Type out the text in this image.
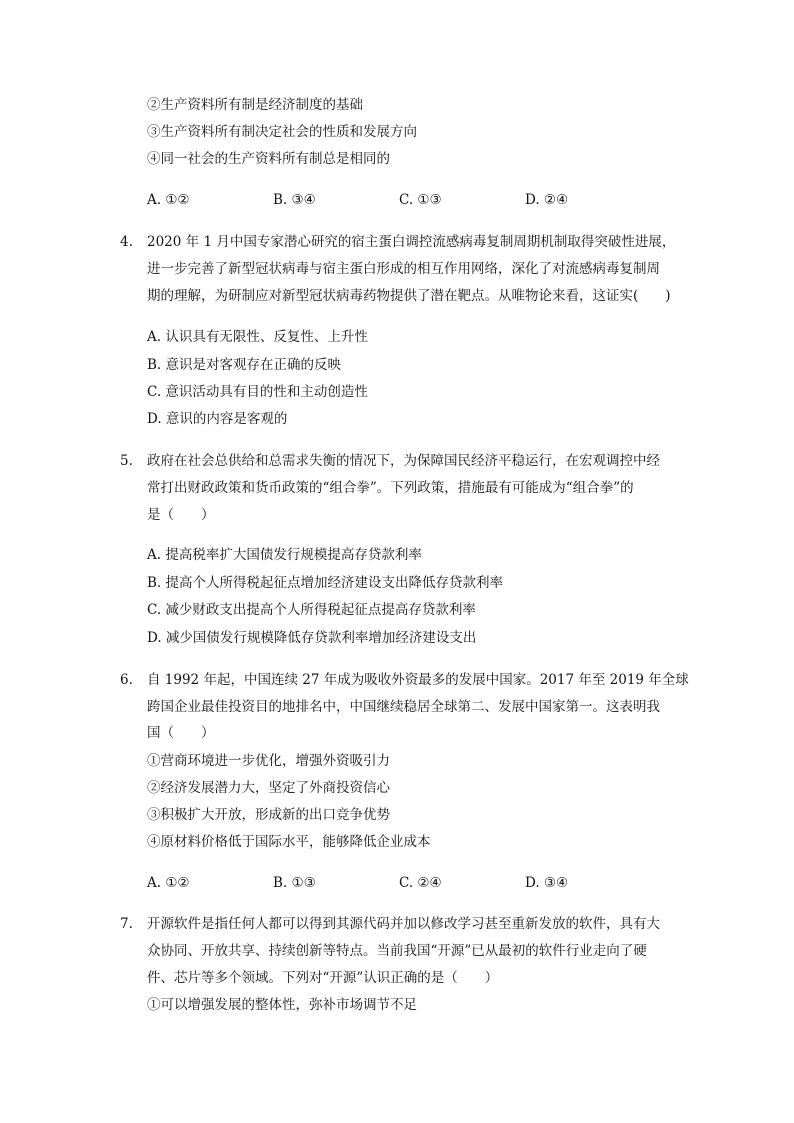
②生产资料所有制是经济制度的基础
③生产资料所有制决定社会的性质和发展方向
④同一社会的生产资料所有制总是相同的
A. ①②	B. ③④	C. ①③	D. ②④
4. 2020 年 1 月中国专家潜心研究的宿主蛋白调控流感病毒复制周期机制取得突破性进展，
进一步完善了新型冠状病毒与宿主蛋白形成的相互作用网络，深化了对流感病毒复制周
期的理解，为研制应对新型冠状病毒药物提供了潜在靶点。从唯物论来看，这证实(　　)
A. 认识具有无限性、反复性、上升性
B. 意识是对客观存在正确的反映
C. 意识活动具有目的性和主动创造性
D. 意识的内容是客观的
5. 政府在社会总供给和总需求失衡的情况下，为保障国民经济平稳运行，在宏观调控中经
常打出财政政策和货币政策的“组合拳”。下列政策，措施最有可能成为“组合拳”的
是（　　）
A. 提高税率扩大国债发行规模提高存贷款利率
B. 提高个人所得税起征点增加经济建设支出降低存贷款利率
C. 减少财政支出提高个人所得税起征点提高存贷款利率
D. 减少国债发行规模降低存贷款利率增加经济建设支出
6. 自 1992 年起，中国连续 27 年成为吸收外资最多的发展中国家。2017 年至 2019 年全球
跨国企业最佳投资目的地排名中，中国继续稳居全球第二、发展中国家第一。这表明我
国（　　）
①营商环境进一步优化，增强外资吸引力
②经济发展潜力大，坚定了外商投资信心
③积极扩大开放，形成新的出口竞争优势
④原材料价格低于国际水平，能够降低企业成本
A. ①②	B. ①③	C. ②④	D. ③④
7. 开源软件是指任何人都可以得到其源代码并加以修改学习甚至重新发放的软件，具有大
众协同、开放共享、持续创新等特点。当前我国“开源”已从最初的软件行业走向了硬
件、芯片等多个领域。下列对“开源”认识正确的是（　　）
①可以增强发展的整体性，弥补市场调节不足
